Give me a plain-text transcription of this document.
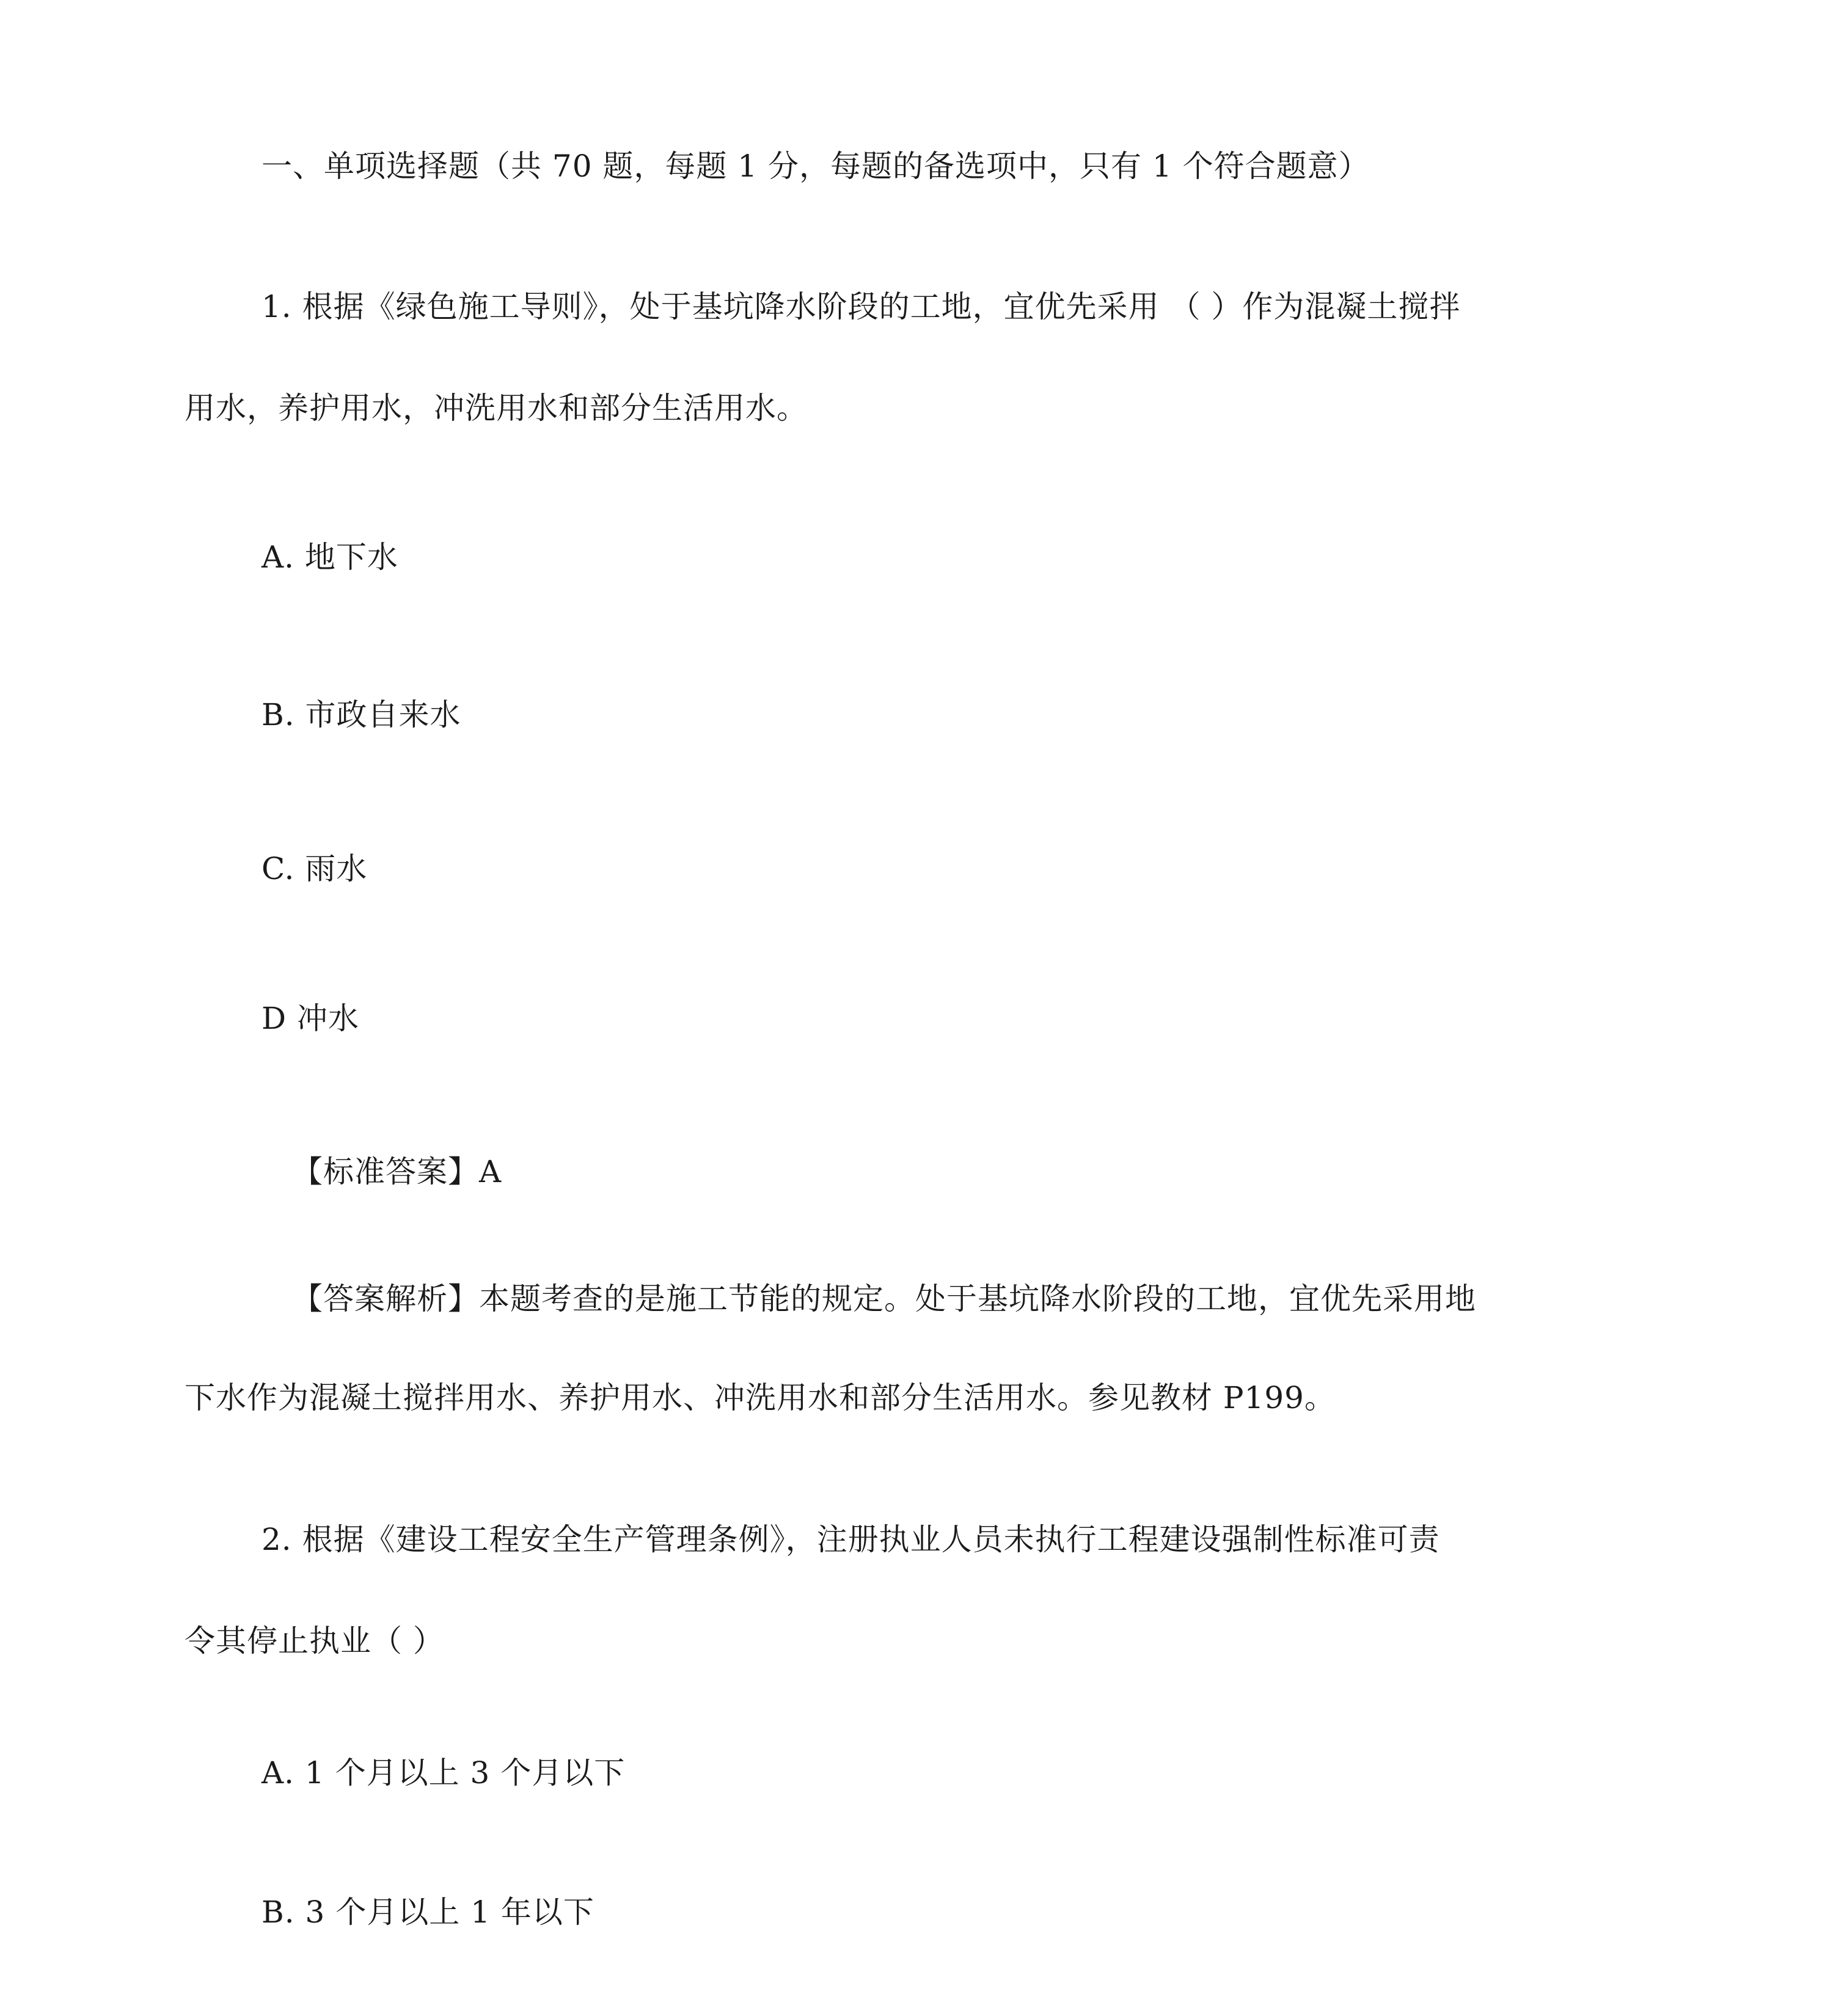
一、单项选择题（共 70 题，每题 1 分，每题的备选项中，只有 1 个符合题意）
1. 根据《绿色施工导则》，处于基坑降水阶段的工地，宜优先采用 （ ）作为混凝土搅拌
用水，养护用水，冲洗用水和部分生活用水。
A. 地下水
B. 市政自来水
C. 雨水
D 冲水
【标准答案】A
【答案解析】本题考查的是施工节能的规定。处于基坑降水阶段的工地，宜优先采用地
下水作为混凝土搅拌用水、养护用水、冲洗用水和部分生活用水。参见教材 P199。
2. 根据《建设工程安全生产管理条例》，注册执业人员未执行工程建设强制性标准可责
令其停止执业（ ）
A. 1 个月以上 3 个月以下
B. 3 个月以上 1 年以下
